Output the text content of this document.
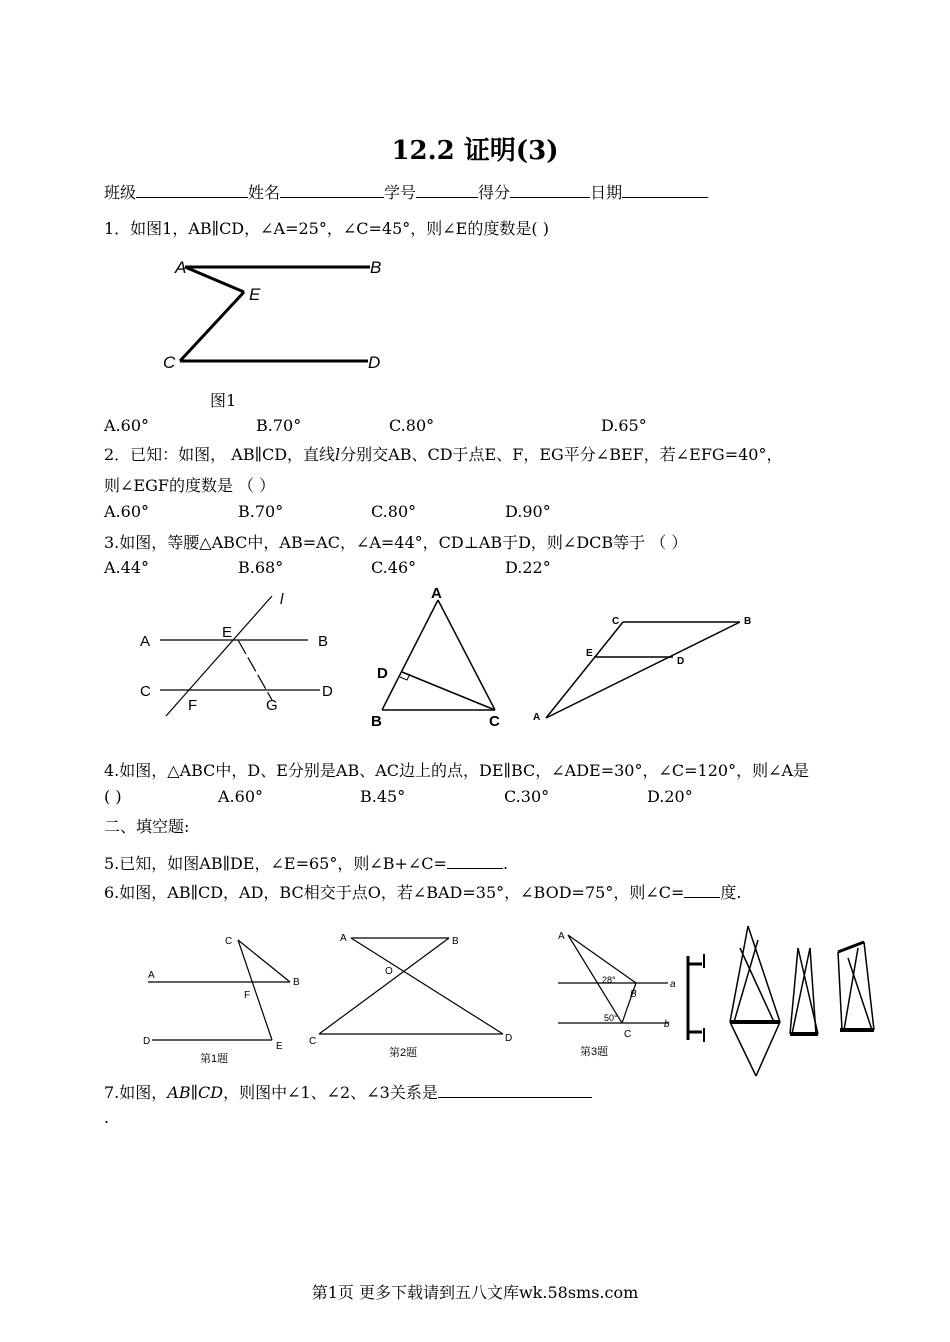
12.2 证明(3)
班级	姓名	学号	得分	日期
1．如图1，AB∥CD，∠A=25°，∠C=45°，则∠E的度数是( )
A	B
E
C	D
图1
A.60°	B.70°	C.80°	D.65°
2．已知：如图， AB∥CD，直线l分别交AB、CD于点E、F，EG平分∠BEF，若∠EFG=40°，
则∠EGF的度数是 （ ）
A.60°	B.70°	C.80°	D.90°
3.如图，等腰△ABC中，AB=AC，∠A=44°，CD⊥AB于D，则∠DCB等于 （ ）
A.44°	B.68°	C.46°	D.22°
A
E
B
C	D
F	G
l	A
D
B	C
C	B
E
D
A
4.如图，△ABC中，D、E分别是AB、AC边上的点，DE∥BC，∠ADE=30°，∠C=120°，则∠A是
( )	A.60°	B.45°	C.30°	D.20°
二、填空题:
5.已知，如图AB∥DE，∠E=65°，则∠B+∠C=	.
6.如图，AB∥CD，AD，BC相交于点O，若∠BAD=35°，∠BOD=75°，则∠C= 度.
C
A
B
F
D	E
第1题
A	B
O
C	D
第2题
A
28°
B
a
50°
C
b
第3题
7.如图，AB∥CD，则图中∠1、∠2、∠3关系是
.
第1页 更多下载请到五八文库wk.58sms.com
